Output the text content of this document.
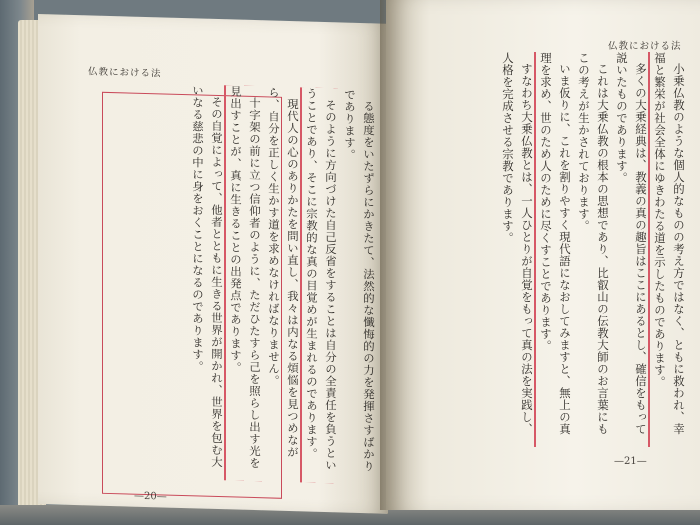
仏教における法

る態度をいたずらにかきたて、法然的な懺悔的の力を発揮さすばかりであります。

そのように方向づけた自己反省をすることは自分の全責任を負うということであり、そこに宗教的な真の目覚めが生まれるのであります。

現代人の心のありかたを問い直し、我々は内なる煩悩を見つめながら、自分を正しく生かす道を求めなければなりません。

十字架の前に立つ信仰者のように、ただひたすら己を照らし出す光を見出すことが、真に生きることの出発点であります。

その自覚によって、他者とともに生きる世界が開かれ、世界を包む大いなる慈悲の中に身をおくことになるのであります。

—20—
仏教における法

小乗仏教のような個人的なものの考え方ではなく、ともに救われ、幸福と繁栄が社会全体にゆきわたる道を示したものであります。

多くの大乗経典は、教義の真の趣旨はここにあるとし、確信をもって説いたものであります。

これは大乗仏教の根本の思想であり、比叡山の伝教大師のお言葉にもこの考えが生かされております。

いま仮りに、これを割りやすく現代語になおしてみますと、無上の真理を求め、世のため人のために尽くすことであります。

すなわち大乗仏教とは、一人ひとりが自覚をもって真の法を実践し、人格を完成させる宗教であります。

—21—
